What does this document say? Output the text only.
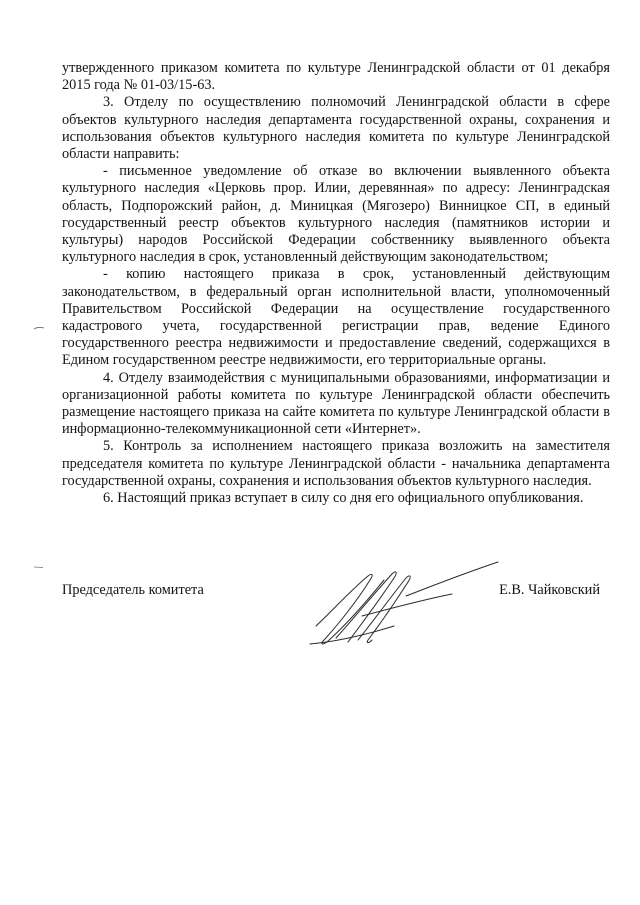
утвержденного приказом комитета по культуре Ленинградской области от 01 декабря 2015 года № 01-03/15-63.

3. Отделу по осуществлению полномочий Ленинградской области в сфере объектов культурного наследия департамента государственной охраны, сохранения и использования объектов культурного наследия комитета по культуре Ленинградской области направить:

- письменное уведомление об отказе во включении выявленного объекта культурного наследия «Церковь прор. Илии, деревянная» по адресу: Ленинградская область, Подпорожский район, д. Миницкая (Мягозеро) Винницкое СП, в единый государственный реестр объектов культурного наследия (памятников истории и культуры) народов Российской Федерации собственнику выявленного объекта культурного наследия в срок, установленный действующим законодательством;

- копию настоящего приказа в срок, установленный действующим законодательством, в федеральный орган исполнительной власти, уполномоченный Правительством Российской Федерации на осуществление государственного кадастрового учета, государственной регистрации прав, ведение Единого государственного реестра недвижимости и предоставление сведений, содержащихся в Едином государственном реестре недвижимости, его территориальные органы.

4. Отделу взаимодействия с муниципальными образованиями, информатизации и организационной работы комитета по культуре Ленинградской области обеспечить размещение настоящего приказа на сайте комитета по культуре Ленинградской области в информационно-телекоммуникационной сети «Интернет».

5. Контроль за исполнением настоящего приказа возложить на заместителя председателя комитета по культуре Ленинградской области - начальника департамента государственной охраны, сохранения и использования объектов культурного наследия.

6. Настоящий приказ вступает в силу со дня его официального опубликования.

Председатель комитета	Е.В. Чайковский
